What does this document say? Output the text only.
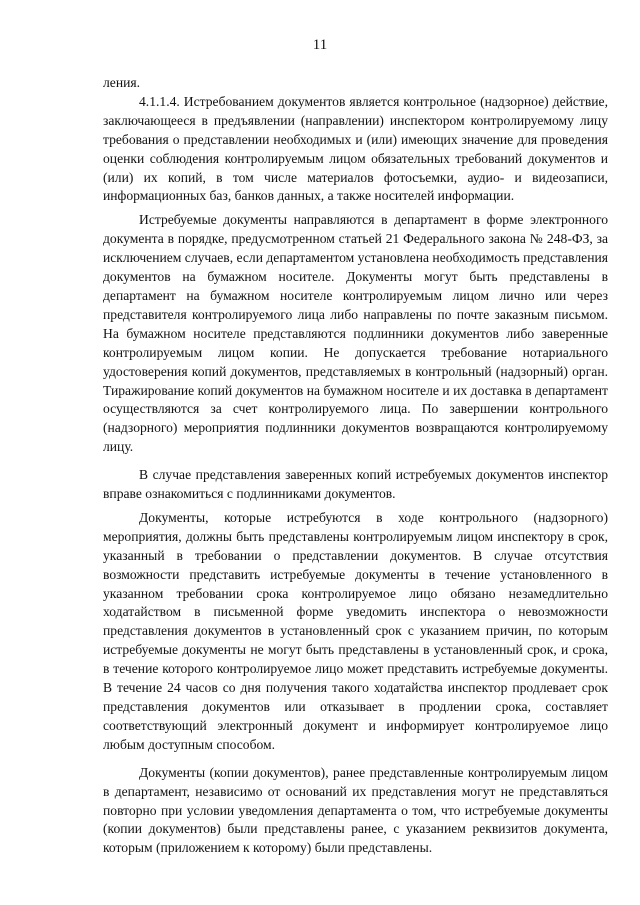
11

ления.

4.1.1.4. Истребованием документов является контрольное (надзорное) действие, заключающееся в предъявлении (направлении) инспектором контролируемому лицу требования о представлении необходимых и (или) имеющих значение для проведения оценки соблюдения контролируемым лицом обязательных требований документов и (или) их копий, в том числе материалов фотосъемки, аудио- и видеозаписи, информационных баз, банков данных, а также носителей информации.

Истребуемые документы направляются в департамент в форме электронного документа в порядке, предусмотренном статьей 21 Федерального закона № 248-ФЗ, за исключением случаев, если департаментом установлена необходимость представления документов на бумажном носителе. Документы могут быть представлены в департамент на бумажном носителе контролируемым лицом лично или через представителя контролируемого лица либо направлены по почте заказным письмом. На бумажном носителе представляются подлинники документов либо заверенные контролируемым лицом копии. Не допускается требование нотариального удостоверения копий документов, представляемых в контрольный (надзорный) орган. Тиражирование копий документов на бумажном носителе и их доставка в департамент осуществляются за счет контролируемого лица. По завершении контрольного (надзорного) мероприятия подлинники документов возвращаются контролируемому лицу.

В случае представления заверенных копий истребуемых документов инспектор вправе ознакомиться с подлинниками документов.

Документы, которые истребуются в ходе контрольного (надзорного) мероприятия, должны быть представлены контролируемым лицом инспектору в срок, указанный в требовании о представлении документов. В случае отсутствия возможности представить истребуемые документы в течение установленного в указанном требовании срока контролируемое лицо обязано незамедлительно ходатайством в письменной форме уведомить инспектора о невозможности представления документов в установленный срок с указанием причин, по которым истребуемые документы не могут быть представлены в установленный срок, и срока, в течение которого контролируемое лицо может представить истребуемые документы. В течение 24 часов со дня получения такого ходатайства инспектор продлевает срок представления документов или отказывает в продлении срока, составляет соответствующий электронный документ и информирует контролируемое лицо любым доступным способом.

Документы (копии документов), ранее представленные контролируемым лицом в департамент, независимо от оснований их представления могут не представляться повторно при условии уведомления департамента о том, что истребуемые документы (копии документов) были представлены ранее, с указанием реквизитов документа, которым (приложением к которому) были представлены.
